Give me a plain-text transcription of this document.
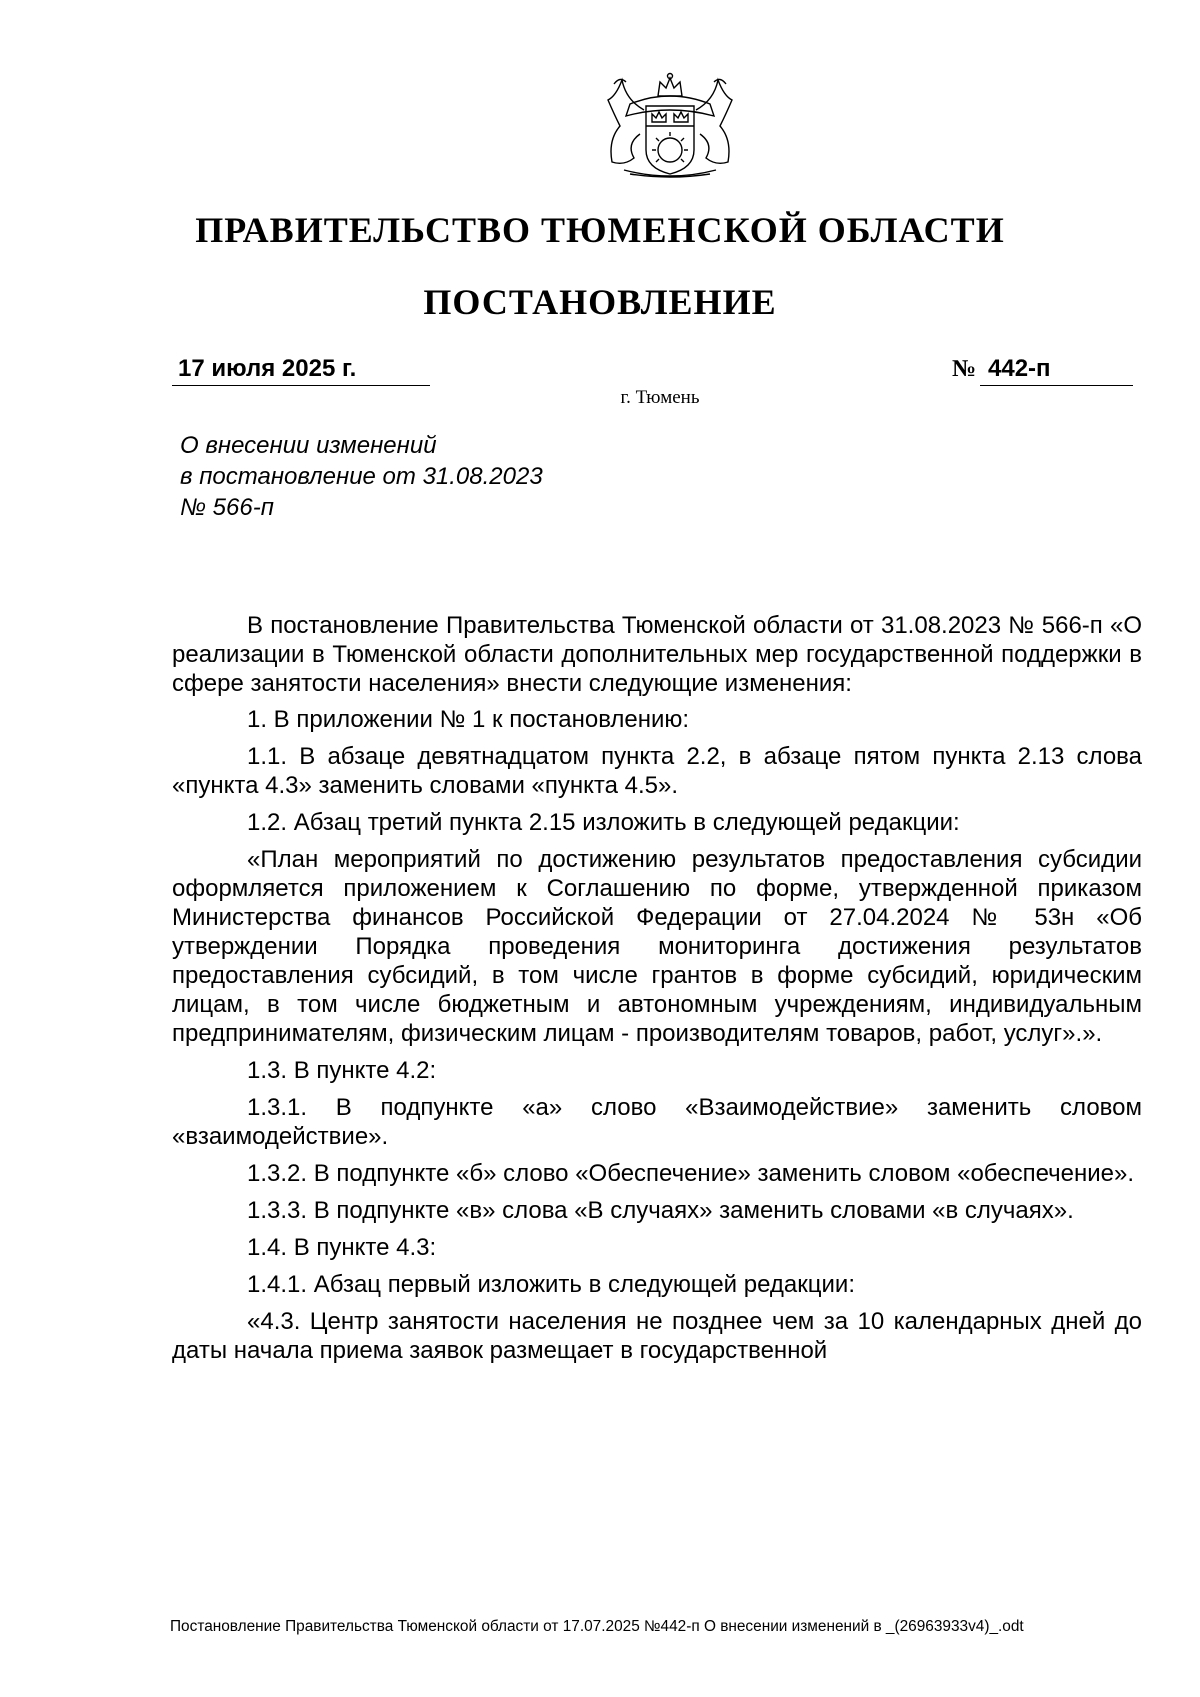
ПРАВИТЕЛЬСТВО ТЮМЕНСКОЙ ОБЛАСТИ
ПОСТАНОВЛЕНИЕ
17 июля 2025 г.	№ 442-п
г. Тюмень
О внесении изменений
в постановление от 31.08.2023
№ 566-п

В постановление Правительства Тюменской области от 31.08.2023 № 566-п «О реализации в Тюменской области дополнительных мер государственной поддержки в сфере занятости населения» внести следующие изменения:

1. В приложении № 1 к постановлению:

1.1. В абзаце девятнадцатом пункта 2.2, в абзаце пятом пункта 2.13 слова «пункта 4.3» заменить словами «пункта 4.5».

1.2. Абзац третий пункта 2.15 изложить в следующей редакции:

«План мероприятий по достижению результатов предоставления субсидии оформляется приложением к Соглашению по форме, утвержденной приказом Министерства финансов Российской Федерации от 27.04.2024 № 53н «Об утверждении Порядка проведения мониторинга достижения результатов предоставления субсидий, в том числе грантов в форме субсидий, юридическим лицам, в том числе бюджетным и автономным учреждениям, индивидуальным предпринимателям, физическим лицам - производителям товаров, работ, услуг».».

1.3. В пункте 4.2:

1.3.1. В подпункте «а» слово «Взаимодействие» заменить словом «взаимодействие».

1.3.2. В подпункте «б» слово «Обеспечение» заменить словом «обеспечение».

1.3.3. В подпункте «в» слова «В случаях» заменить словами «в случаях».

1.4. В пункте 4.3:

1.4.1. Абзац первый изложить в следующей редакции:

«4.3. Центр занятости населения не позднее чем за 10 календарных дней до даты начала приема заявок размещает в государственной

Постановление Правительства Тюменской области от 17.07.2025 №442-п О внесении изменений в _(26963933v4)_.odt
